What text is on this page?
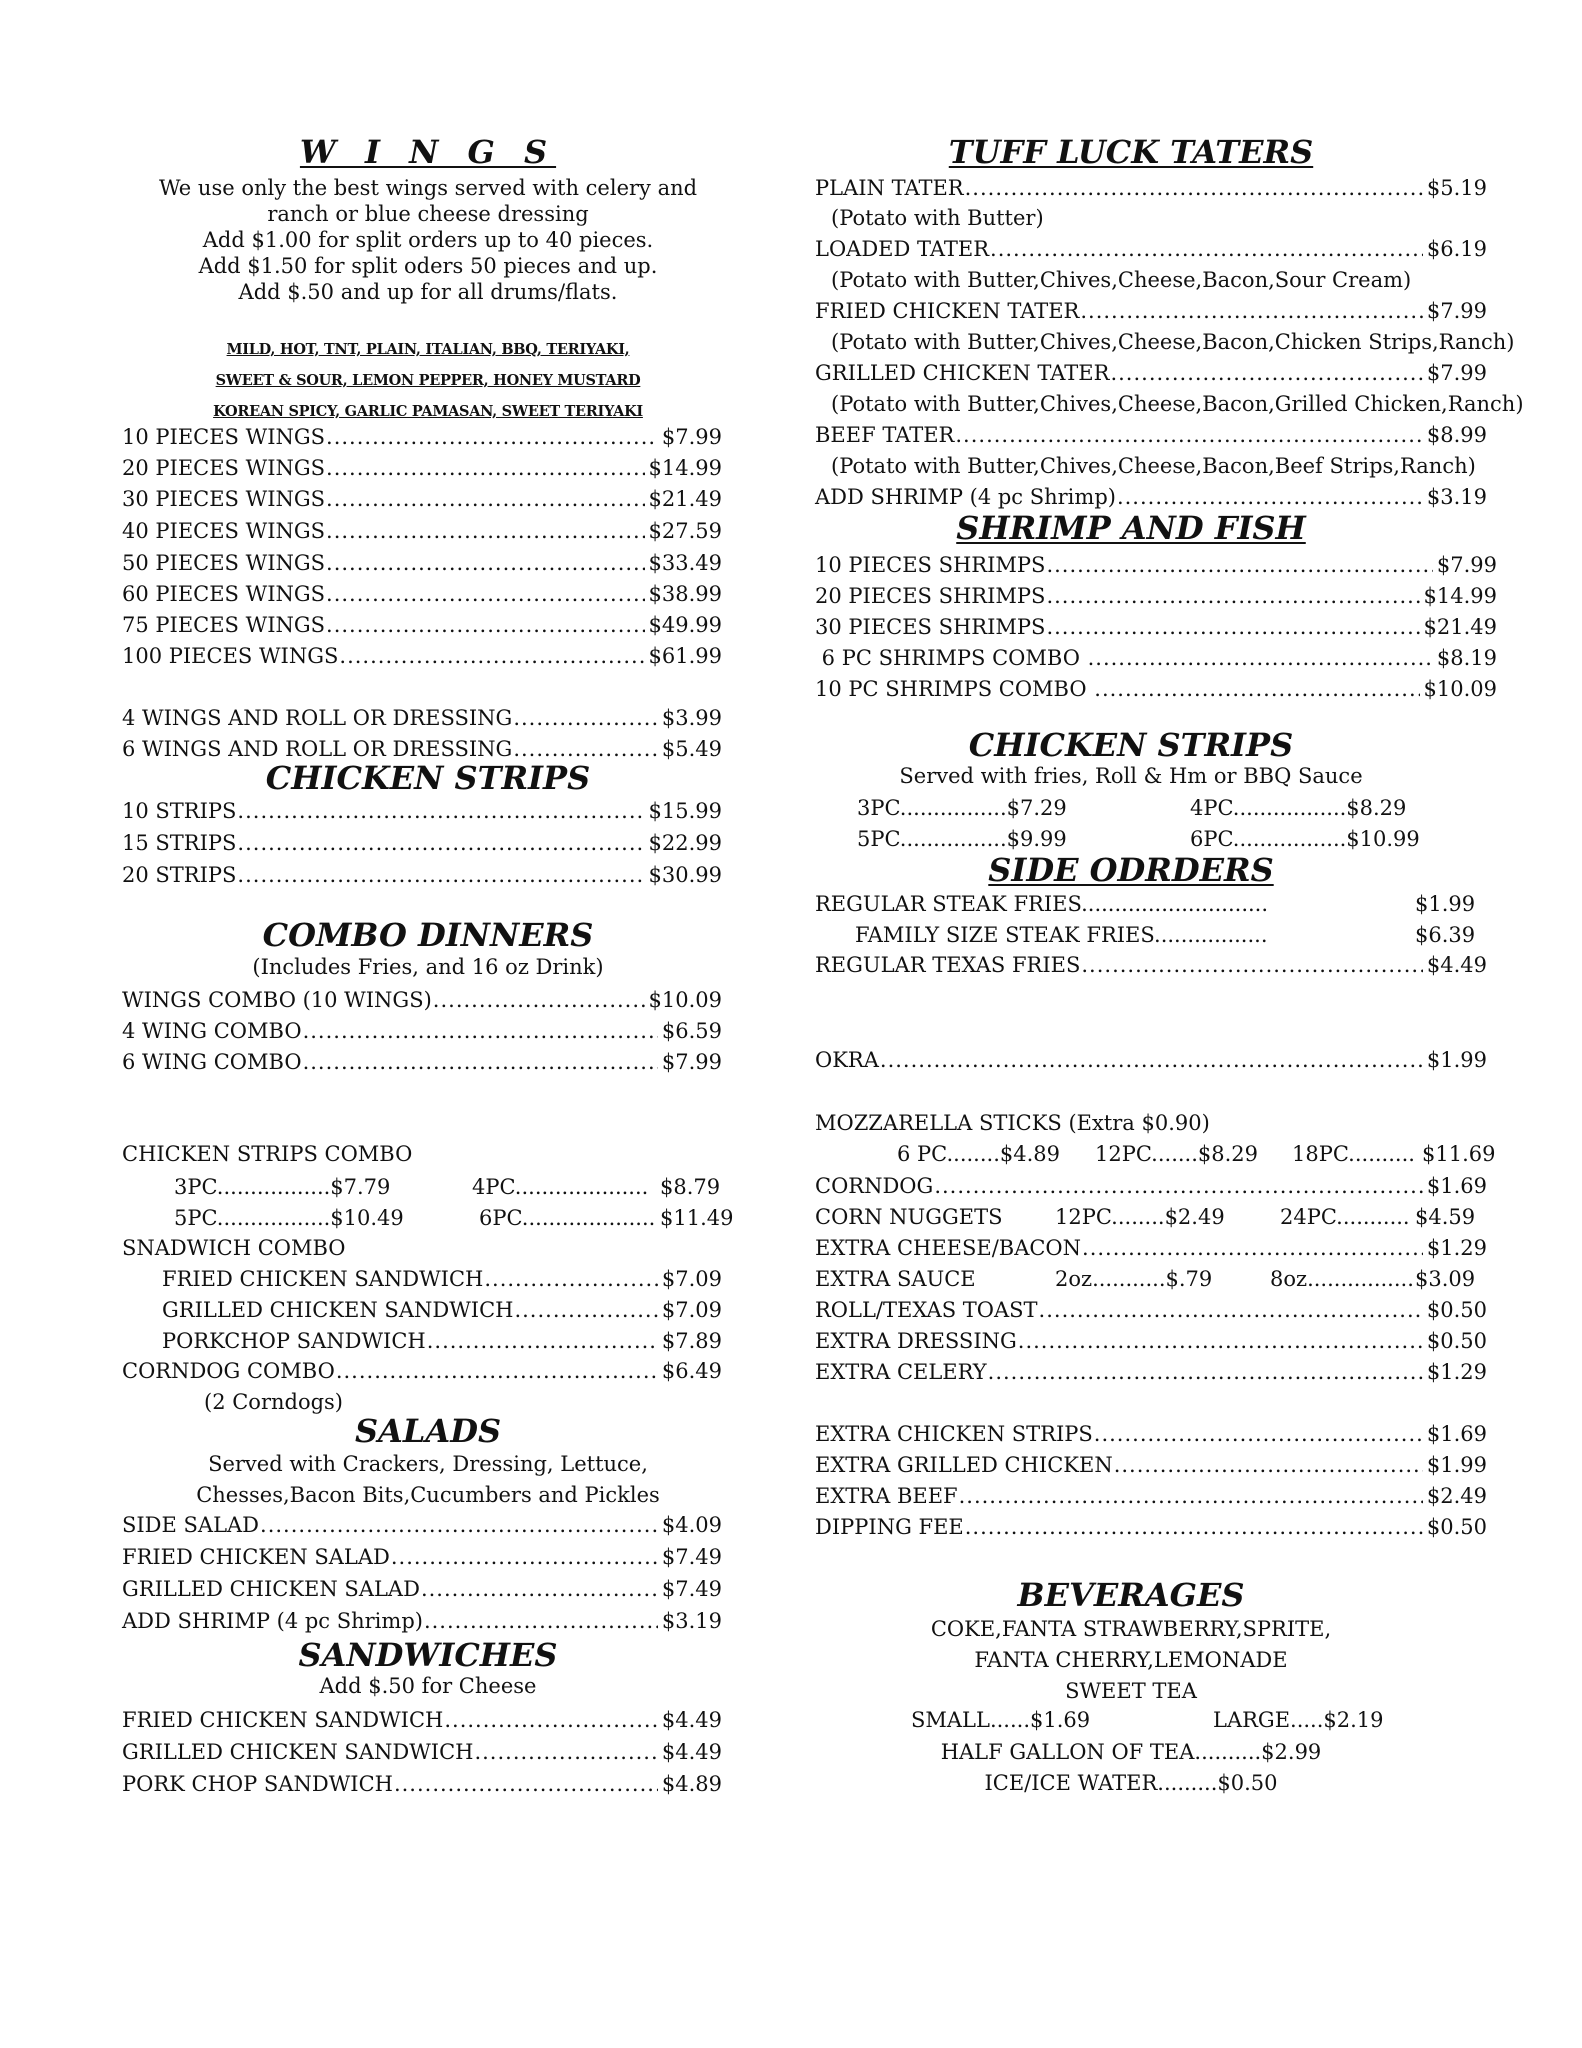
W I N G S
We use only the best wings served with celery and
ranch or blue cheese dressing
Add $1.00 for split orders up to 40 pieces.
Add $1.50 for split oders 50 pieces and up.
Add $.50 and up for all drums/flats.
MILD, HOT, TNT, PLAIN, ITALIAN, BBQ, TERIYAKI,
SWEET & SOUR, LEMON PEPPER, HONEY MUSTARD
KOREAN SPICY, GARLIC PAMASAN, SWEET TERIYAKI
10 PIECES WINGS .....	$7.99
20 PIECES WINGS .....	$14.99
30 PIECES WINGS .....	$21.49
40 PIECES WINGS .....	$27.59
50 PIECES WINGS .....	$33.49
60 PIECES WINGS .....	$38.99
75 PIECES WINGS .....	$49.99
100 PIECES WINGS .....	$61.99
4 WINGS AND ROLL OR DRESSING .....	$3.99
6 WINGS AND ROLL OR DRESSING .....	$5.49
CHICKEN STRIPS
10 STRIPS .....	$15.99
15 STRIPS .....	$22.99
20 STRIPS .....	$30.99
COMBO DINNERS
(Includes Fries, and 16 oz Drink)
WINGS COMBO (10 WINGS) .....	$10.09
4 WING COMBO .....	$6.59
6 WING COMBO .....	$7.99
CHICKEN STRIPS COMBO
3PC.................$7.79	4PC.................... $8.79
5PC.................$10.49	6PC.................... $11.49
SNADWICH COMBO
FRIED CHICKEN SANDWICH .....	$7.09
GRILLED CHICKEN SANDWICH .....	$7.09
PORKCHOP SANDWICH .....	$7.89
CORNDOG COMBO .....	$6.49
(2 Corndogs)
SALADS
Served with Crackers, Dressing, Lettuce,
Chesses,Bacon Bits,Cucumbers and Pickles
SIDE SALAD .....	$4.09
FRIED CHICKEN SALAD .....	$7.49
GRILLED CHICKEN SALAD .....	$7.49
ADD SHRIMP (4 pc Shrimp) .....	$3.19
SANDWICHES
Add $.50 for Cheese
FRIED CHICKEN SANDWICH .....	$4.49
GRILLED CHICKEN SANDWICH .....	$4.49
PORK CHOP SANDWICH .....	$4.89
TUFF LUCK TATERS
PLAIN TATER .....	$5.19
(Potato with Butter)
LOADED TATER .....	$6.19
(Potato with Butter,Chives,Cheese,Bacon,Sour Cream)
FRIED CHICKEN TATER .....	$7.99
(Potato with Butter,Chives,Cheese,Bacon,Chicken Strips,Ranch)
GRILLED CHICKEN TATER .....	$7.99
(Potato with Butter,Chives,Cheese,Bacon,Grilled Chicken,Ranch)
BEEF TATER .....	$8.99
(Potato with Butter,Chives,Cheese,Bacon,Beef Strips,Ranch)
ADD SHRIMP (4 pc Shrimp) .....	$3.19
SHRIMP AND FISH
10 PIECES SHRIMPS .....	$7.99
20 PIECES SHRIMPS .....	$14.99
30 PIECES SHRIMPS .....	$21.49
6 PC SHRIMPS COMBO .....	$8.19
10 PC SHRIMPS COMBO .....	$10.09
CHICKEN STRIPS
Served with fries, Roll & Hm or BBQ Sauce
3PC................$7.29	4PC.................$8.29
5PC................$9.99	6PC.................$10.99
SIDE ODRDERS
REGULAR STEAK FRIES............................	$1.99
FAMILY SIZE STEAK FRIES.................	$6.39
REGULAR TEXAS FRIES .....	$4.49
OKRA .....	$1.99
MOZZARELLA STICKS (Extra $0.90)
6 PC........$4.89 12PC.......$8.29 18PC.......... $11.69
CORNDOG .....	$1.69
CORN NUGGETS	12PC........$2.49	24PC........... $4.59
EXTRA CHEESE/BACON .....	$1.29
EXTRA SAUCE	2oz...........$.79	8oz................ $3.09
ROLL/TEXAS TOAST .....	$0.50
EXTRA DRESSING .....	$0.50
EXTRA CELERY .....	$1.29
EXTRA CHICKEN STRIPS .....	$1.69
EXTRA GRILLED CHICKEN .....	$1.99
EXTRA BEEF .....	$2.49
DIPPING FEE .....	$0.50
BEVERAGES
COKE,FANTA STRAWBERRY,SPRITE,
FANTA CHERRY,LEMONADE
SWEET TEA
SMALL......$1.69	LARGE.....$2.19
HALF GALLON OF TEA..........$2.99
ICE/ICE WATER.........$0.50
